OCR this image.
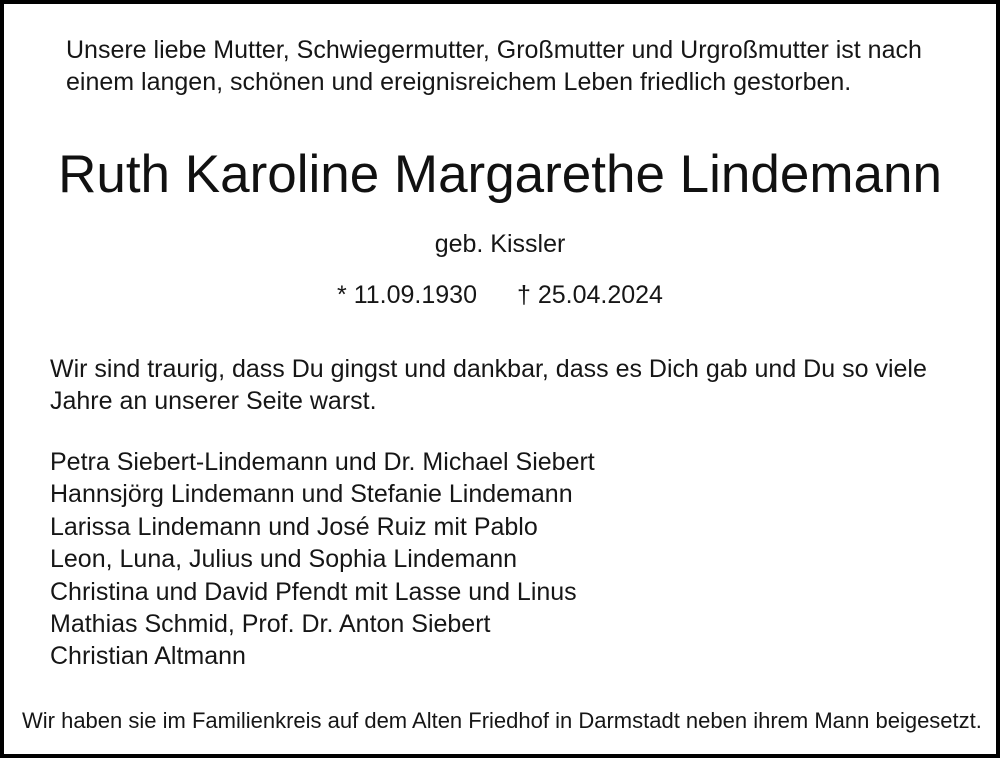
Unsere liebe Mutter, Schwiegermutter, Großmutter und Urgroßmutter ist nach
einem langen, schönen und ereignisreichem Leben friedlich gestorben.
Ruth Karoline Margarethe Lindemann
geb. Kissler
* 11.09.1930 † 25.04.2024
Wir sind traurig, dass Du gingst und dankbar, dass es Dich gab und Du so viele
Jahre an unserer Seite warst.
Petra Siebert-Lindemann und Dr. Michael Siebert
Hannsjörg Lindemann und Stefanie Lindemann
Larissa Lindemann und José Ruiz mit Pablo
Leon, Luna, Julius und Sophia Lindemann
Christina und David Pfendt mit Lasse und Linus
Mathias Schmid, Prof. Dr. Anton Siebert
Christian Altmann
Wir haben sie im Familienkreis auf dem Alten Friedhof in Darmstadt neben ihrem Mann beigesetzt.
